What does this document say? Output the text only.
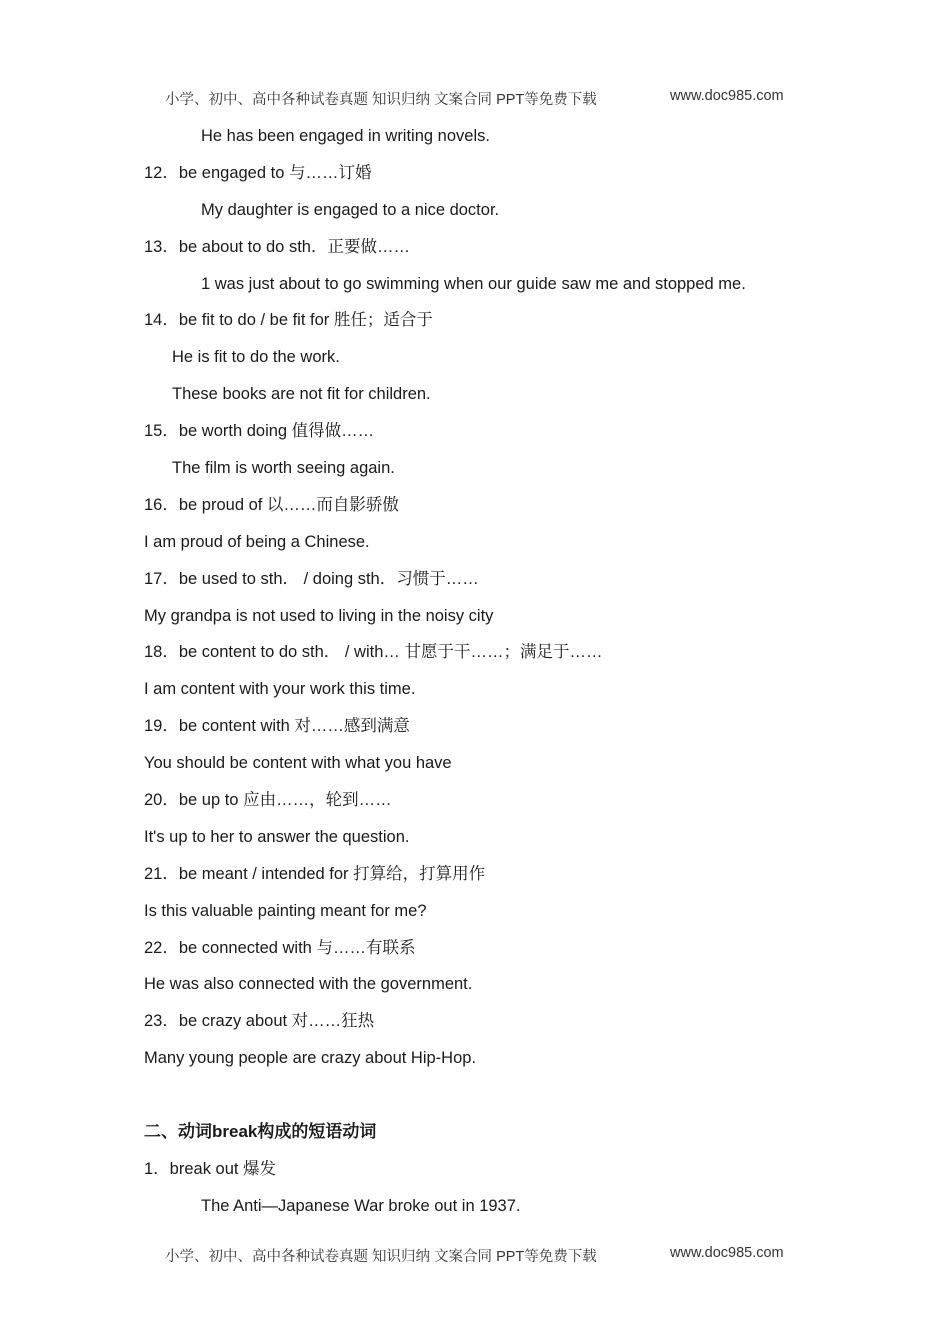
小学、初中、高中各种试卷真题 知识归纳 文案合同 PPT等免费下载	www.doc985.com
He has been engaged in writing novels.
12．be engaged to 与……订婚
My daughter is engaged to a nice doctor.
13．be about to do sth．正要做……
1 was just about to go swimming when our guide saw me and stopped me.
14．be fit to do / be fit for 胜任；适合于
He is fit to do the work.
These books are not fit for children.
15．be worth doing 值得做……
The film is worth seeing again.
16．be proud of 以……而自影骄傲
I am proud of being a Chinese.
17．be used to sth． / doing sth．习惯于……
My grandpa is not used to living in the noisy city
18．be content to do sth． / with… 甘愿于干……；满足于……
I am content with your work this time.
19．be content with 对……感到满意
You should be content with what you have
20．be up to 应由……，轮到……
It's up to her to answer the question.
21．be meant / intended for 打算给，打算用作
Is this valuable painting meant for me?
22．be connected with 与……有联系
He was also connected with the government.
23．be crazy about 对……狂热
Many young people are crazy about Hip-Hop.
二、动词break构成的短语动词
1．break out 爆发
The Anti—Japanese War broke out in 1937.
小学、初中、高中各种试卷真题 知识归纳 文案合同 PPT等免费下载	www.doc985.com
